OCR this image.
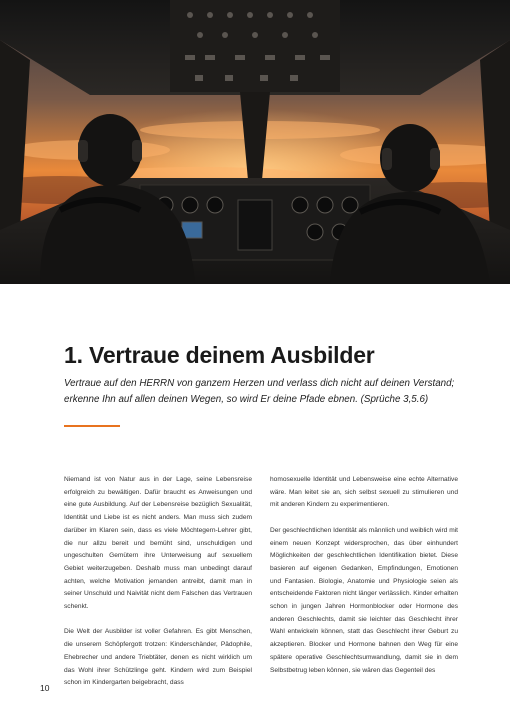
1. Vertraue deinem Ausbilder

Vertraue auf den HERRN von ganzem Herzen und verlass dich nicht auf deinen Verstand; erkenne Ihn auf allen deinen Wegen, so wird Er deine Pfade ebnen. (Sprüche 3,5.6)

Niemand ist von Natur aus in der Lage, seine Lebensreise erfolgreich zu bewältigen. Dafür braucht es Anweisungen und eine gute Ausbildung. Auf der Lebensreise bezüglich Sexualität, Identität und Liebe ist es nicht anders. Man muss sich zudem darüber im Klaren sein, dass es viele Möchtegern-Lehrer gibt, die nur allzu bereit und bemüht sind, unschuldigen und ungeschulten Gemütern ihre Unterweisung auf sexuellem Gebiet weiterzugeben. Deshalb muss man unbedingt darauf achten, welche Motivation jemanden antreibt, damit man in seiner Unschuld und Naivität nicht dem Falschen das Vertrauen schenkt.

Die Welt der Ausbilder ist voller Gefahren. Es gibt Menschen, die unserem Schöpfergott trotzen: Kinderschänder, Pädophile, Ehebrecher und andere Triebtäter, denen es nicht wirklich um das Wohl ihrer Schützlinge geht. Kindern wird zum Beispiel schon im Kindergarten beigebracht, dass

homosexuelle Identität und Lebensweise eine echte Alternative wäre. Man leitet sie an, sich selbst sexuell zu stimulieren und mit anderen Kindern zu experimentieren.

Der geschlechtlichen Identität als männlich und weiblich wird mit einem neuen Konzept widersprochen, das über einhundert Möglichkeiten der geschlechtlichen Identifikation bietet. Diese basieren auf eigenen Gedanken, Empfindungen, Emotionen und Fantasien. Biologie, Anatomie und Physiologie seien als entscheidende Faktoren nicht länger verlässlich. Kinder erhalten schon in jungen Jahren Hormonblocker oder Hormone des anderen Geschlechts, damit sie leichter das Geschlecht ihrer Wahl entwickeln können, statt das Geschlecht ihrer Geburt zu akzeptieren. Blocker und Hormone bahnen den Weg für eine spätere operative Geschlechtsumwandlung, damit sie in dem Selbstbetrug leben können, sie wären das Gegenteil des

10
